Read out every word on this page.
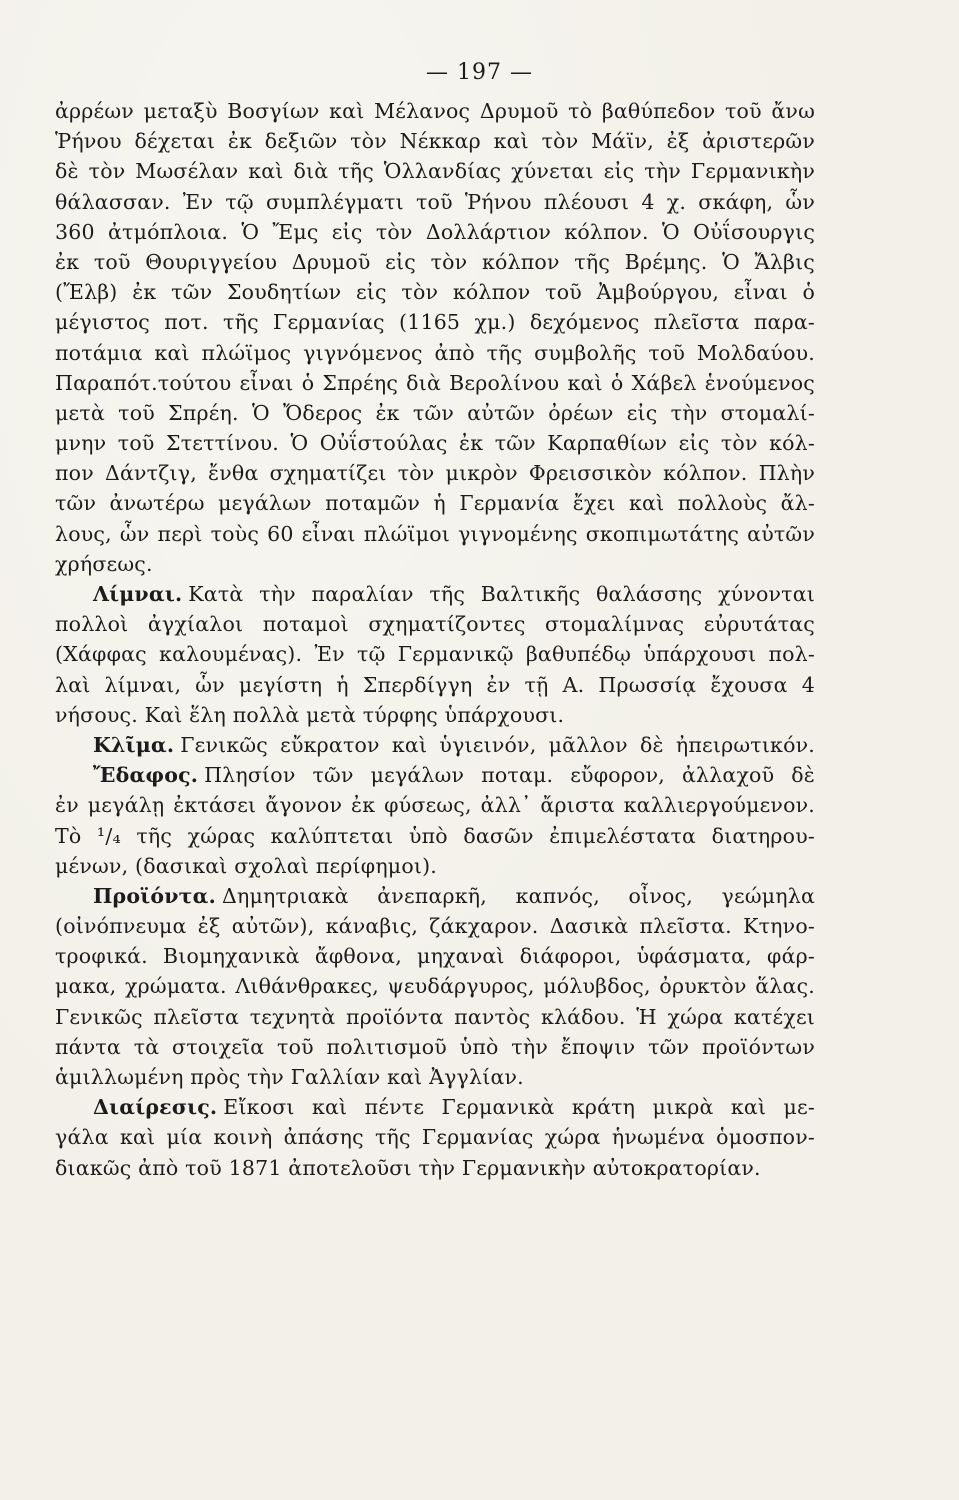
— 197 —
ἀρρέων μεταξὺ Βοσγίων καὶ Μέλανος Δρυμοῦ τὸ βαθύπεδον τοῦ ἄνω
Ῥήνου δέχεται ἐκ δεξιῶν τὸν Νέκκαρ καὶ τὸν Μάϊν, ἐξ ἀριστερῶν
δὲ τὸν Μωσέλαν καὶ διὰ τῆς Ὁλλανδίας χύνεται εἰς τὴν Γερμανικὴν
θάλασσαν. Ἐν τῷ συμπλέγματι τοῦ Ῥήνου πλέουσι 4 χ. σκάφη, ὧν
360 ἀτμόπλοια. Ὁ Ἔμς εἰς τὸν Δολλάρτιον κόλπον. Ὁ Οὐΐσουργις
ἐκ τοῦ Θουριγγείου Δρυμοῦ εἰς τὸν κόλπον τῆς Βρέμης. Ὁ Ἄλβις
(Ἔλβ) ἐκ τῶν Σουδητίων εἰς τὸν κόλπον τοῦ Ἀμβούργου, εἶναι ὁ
μέγιστος ποτ. τῆς Γερμανίας (1165 χμ.) δεχόμενος πλεῖστα παρα-
ποτάμια καὶ πλώϊμος γιγνόμενος ἀπὸ τῆς συμβολῆς τοῦ Μολδαύου.
Παραπότ.τούτου εἶναι ὁ Σπρέης διὰ Βερολίνου καὶ ὁ Χάβελ ἑνούμενος
μετὰ τοῦ Σπρέη. Ὁ Ὄδερος ἐκ τῶν αὐτῶν ὀρέων εἰς τὴν στομαλί-
μνην τοῦ Στεττίνου. Ὁ Οὐΐστούλας ἐκ τῶν Καρπαθίων εἰς τὸν κόλ-
πον Δάντζιγ, ἔνθα σχηματίζει τὸν μικρὸν Φρεισσικὸν κόλπον. Πλὴν
τῶν ἀνωτέρω μεγάλων ποταμῶν ἡ Γερμανία ἔχει καὶ πολλοὺς ἄλ-
λους, ὧν περὶ τοὺς 60 εἶναι πλώϊμοι γιγνομένης σκοπιμωτάτης αὐτῶν
χρήσεως.
Λίμναι. Κατὰ τὴν παραλίαν τῆς Βαλτικῆς θαλάσσης χύνονται
πολλοὶ ἀγχίαλοι ποταμοὶ σχηματίζοντες στομαλίμνας εὐρυτάτας
(Χάφφας καλουμένας). Ἐν τῷ Γερμανικῷ βαθυπέδῳ ὑπάρχουσι πολ-
λαὶ λίμναι, ὧν μεγίστη ἡ Σπερδίγγη ἐν τῇ Α. Πρωσσίᾳ ἔχουσα 4
νήσους. Καὶ ἕλη πολλὰ μετὰ τύρφης ὑπάρχουσι.
Κλῖμα. Γενικῶς εὔκρατον καὶ ὑγιεινόν, μᾶλλον δὲ ἠπειρωτικόν.
Ἔδαφος. Πλησίον τῶν μεγάλων ποταμ. εὔφορον, ἀλλαχοῦ δὲ
ἐν μεγάλῃ ἐκτάσει ἄγονον ἐκ φύσεως, ἀλλ᾽ ἄριστα καλλιεργούμενον.
Τὸ ¹/₄ τῆς χώρας καλύπτεται ὑπὸ δασῶν ἐπιμελέστατα διατηρου-
μένων, (δασικαὶ σχολαὶ περίφημοι).
Προϊόντα. Δημητριακὰ ἀνεπαρκῆ, καπνός, οἶνος, γεώμηλα
(οἰνόπνευμα ἐξ αὐτῶν), κάναβις, ζάκχαρον. Δασικὰ πλεῖστα. Κτηνο-
τροφικά. Βιομηχανικὰ ἄφθονα, μηχαναὶ διάφοροι, ὑφάσματα, φάρ-
μακα, χρώματα. Λιθάνθρακες, ψευδάργυρος, μόλυβδος, ὀρυκτὸν ἅλας.
Γενικῶς πλεῖστα τεχνητὰ προϊόντα παντὸς κλάδου. Ἡ χώρα κατέχει
πάντα τὰ στοιχεῖα τοῦ πολιτισμοῦ ὑπὸ τὴν ἔποψιν τῶν προϊόντων
ἁμιλλωμένη πρὸς τὴν Γαλλίαν καὶ Ἀγγλίαν.
Διαίρεσις. Εἴκοσι καὶ πέντε Γερμανικὰ κράτη μικρὰ καὶ με-
γάλα καὶ μία κοινὴ ἀπάσης τῆς Γερμανίας χώρα ἡνωμένα ὁμοσπον-
διακῶς ἀπὸ τοῦ 1871 ἀποτελοῦσι τὴν Γερμανικὴν αὐτοκρατορίαν.
